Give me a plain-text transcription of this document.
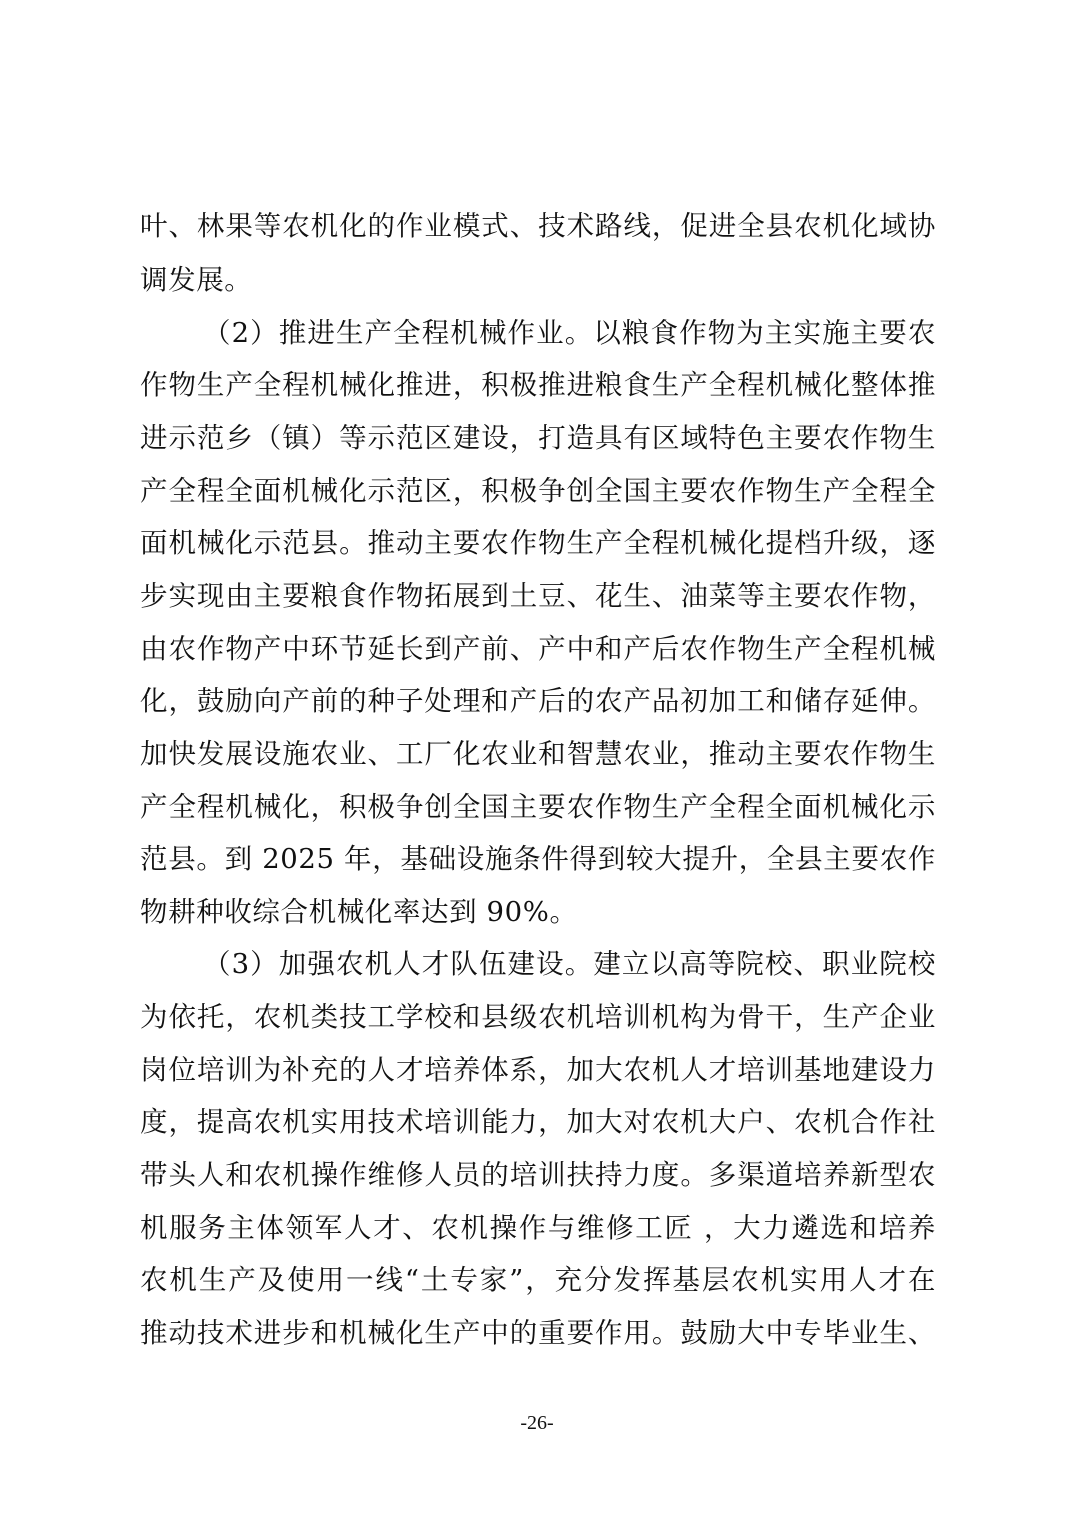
叶、林果等农机化的作业模式、技术路线，促进全县农机化域协

调发展。

（2）推进生产全程机械作业。以粮食作物为主实施主要农

作物生产全程机械化推进，积极推进粮食生产全程机械化整体推

进示范乡（镇）等示范区建设，打造具有区域特色主要农作物生

产全程全面机械化示范区，积极争创全国主要农作物生产全程全

面机械化示范县。推动主要农作物生产全程机械化提档升级，逐

步实现由主要粮食作物拓展到土豆、花生、油菜等主要农作物，

由农作物产中环节延长到产前、产中和产后农作物生产全程机械

化，鼓励向产前的种子处理和产后的农产品初加工和储存延伸。

加快发展设施农业、工厂化农业和智慧农业，推动主要农作物生

产全程机械化，积极争创全国主要农作物生产全程全面机械化示

范县。到 2025 年，基础设施条件得到较大提升，全县主要农作

物耕种收综合机械化率达到 90%。

（3）加强农机人才队伍建设。建立以高等院校、职业院校

为依托，农机类技工学校和县级农机培训机构为骨干，生产企业

岗位培训为补充的人才培养体系，加大农机人才培训基地建设力

度，提高农机实用技术培训能力，加大对农机大户、农机合作社

带头人和农机操作维修人员的培训扶持力度。多渠道培养新型农

机服务主体领军人才、农机操作与维修工匠 ，大力遴选和培养

农机生产及使用一线“土专家”，充分发挥基层农机实用人才在

推动技术进步和机械化生产中的重要作用。鼓励大中专毕业生、

-26-
